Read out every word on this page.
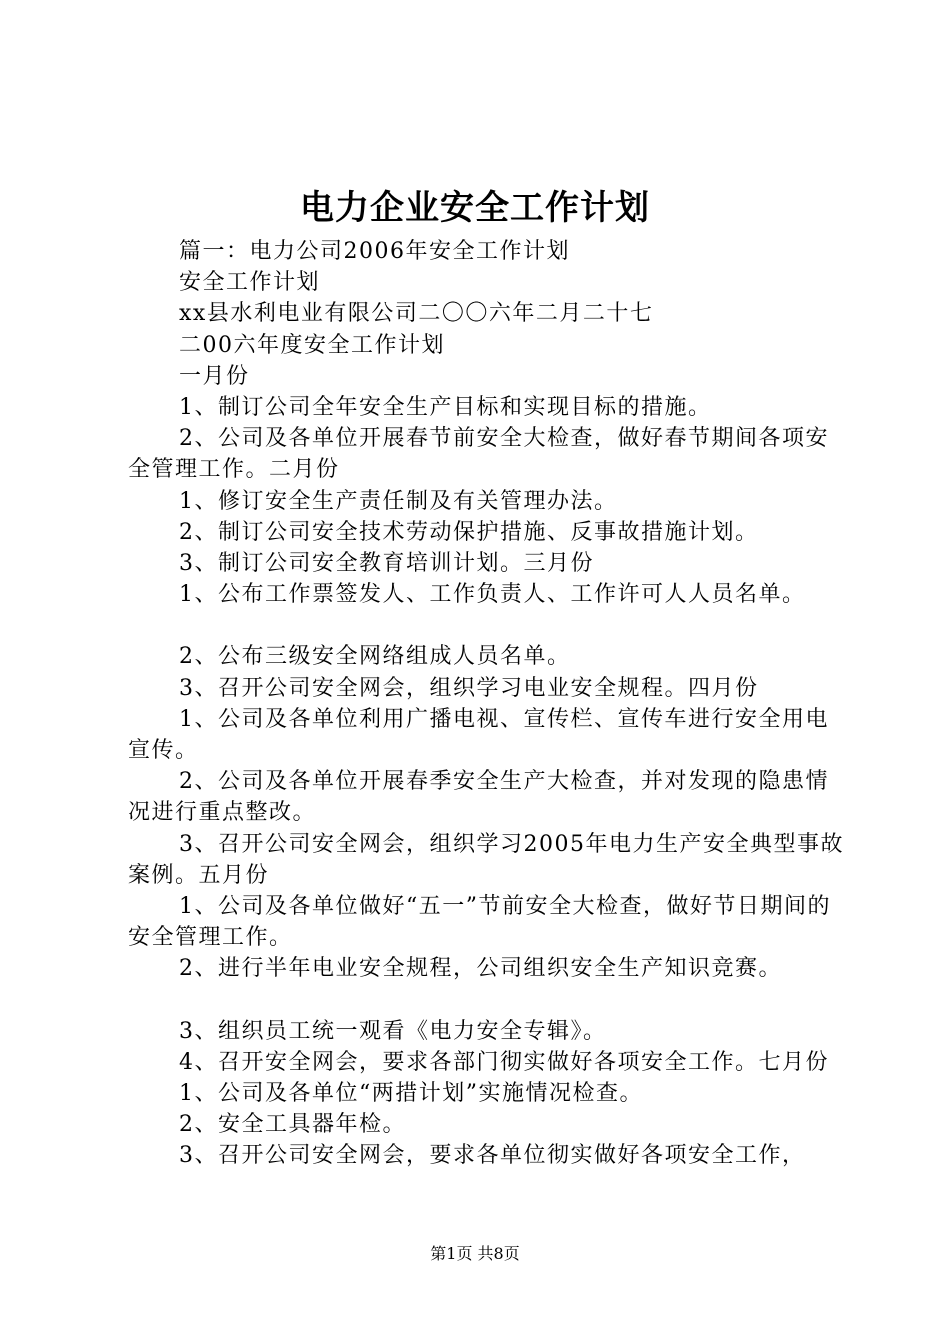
电力企业安全工作计划

篇一：电力公司2006年安全工作计划

安全工作计划

xx县水利电业有限公司二〇〇六年二月二十七

二00六年度安全工作计划

一月份

1、制订公司全年安全生产目标和实现目标的措施。

2、公司及各单位开展春节前安全大检查，做好春节期间各项安全管理工作。二月份

1、修订安全生产责任制及有关管理办法。

2、制订公司安全技术劳动保护措施、反事故措施计划。

3、制订公司安全教育培训计划。三月份

1、公布工作票签发人、工作负责人、工作许可人人员名单。

2、公布三级安全网络组成人员名单。

3、召开公司安全网会，组织学习电业安全规程。四月份

1、公司及各单位利用广播电视、宣传栏、宣传车进行安全用电宣传。

2、公司及各单位开展春季安全生产大检查，并对发现的隐患情况进行重点整改。

3、召开公司安全网会，组织学习2005年电力生产安全典型事故案例。五月份

1、公司及各单位做好“五一”节前安全大检查，做好节日期间的安全管理工作。

2、进行半年电业安全规程，公司组织安全生产知识竞赛。

3、组织员工统一观看《电力安全专辑》。

4、召开安全网会，要求各部门彻实做好各项安全工作。七月份

1、公司及各单位“两措计划”实施情况检查。

2、安全工具器年检。

3、召开公司安全网会，要求各单位彻实做好各项安全工作，

第1页 共8页
